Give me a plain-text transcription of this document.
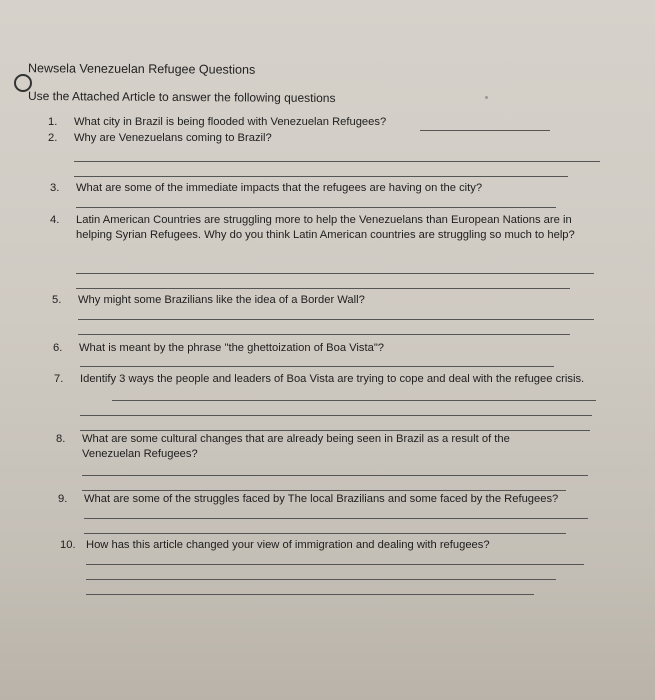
Newsela Venezuelan Refugee Questions
Use the Attached Article to answer the following questions
1. What city in Brazil is being flooded with Venezuelan Refugees?
2. Why are Venezuelans coming to Brazil?
3. What are some of the immediate impacts that the refugees are having on the city?
4.	Latin American Countries are struggling more to help the Venezuelans than European Nations are in helping Syrian Refugees. Why do you think Latin American countries are struggling so much to help?
5. Why might some Brazilians like the idea of a Border Wall?
6. What is meant by the phrase "the ghettoization of Boa Vista"?
7.	Identify 3 ways the people and leaders of Boa Vista are trying to cope and deal with the refugee crisis.
8.	What are some cultural changes that are already being seen in Brazil as a result of the Venezuelan Refugees?
9. What are some of the struggles faced by The local Brazilians and some faced by the Refugees?
10. How has this article changed your view of immigration and dealing with refugees?
